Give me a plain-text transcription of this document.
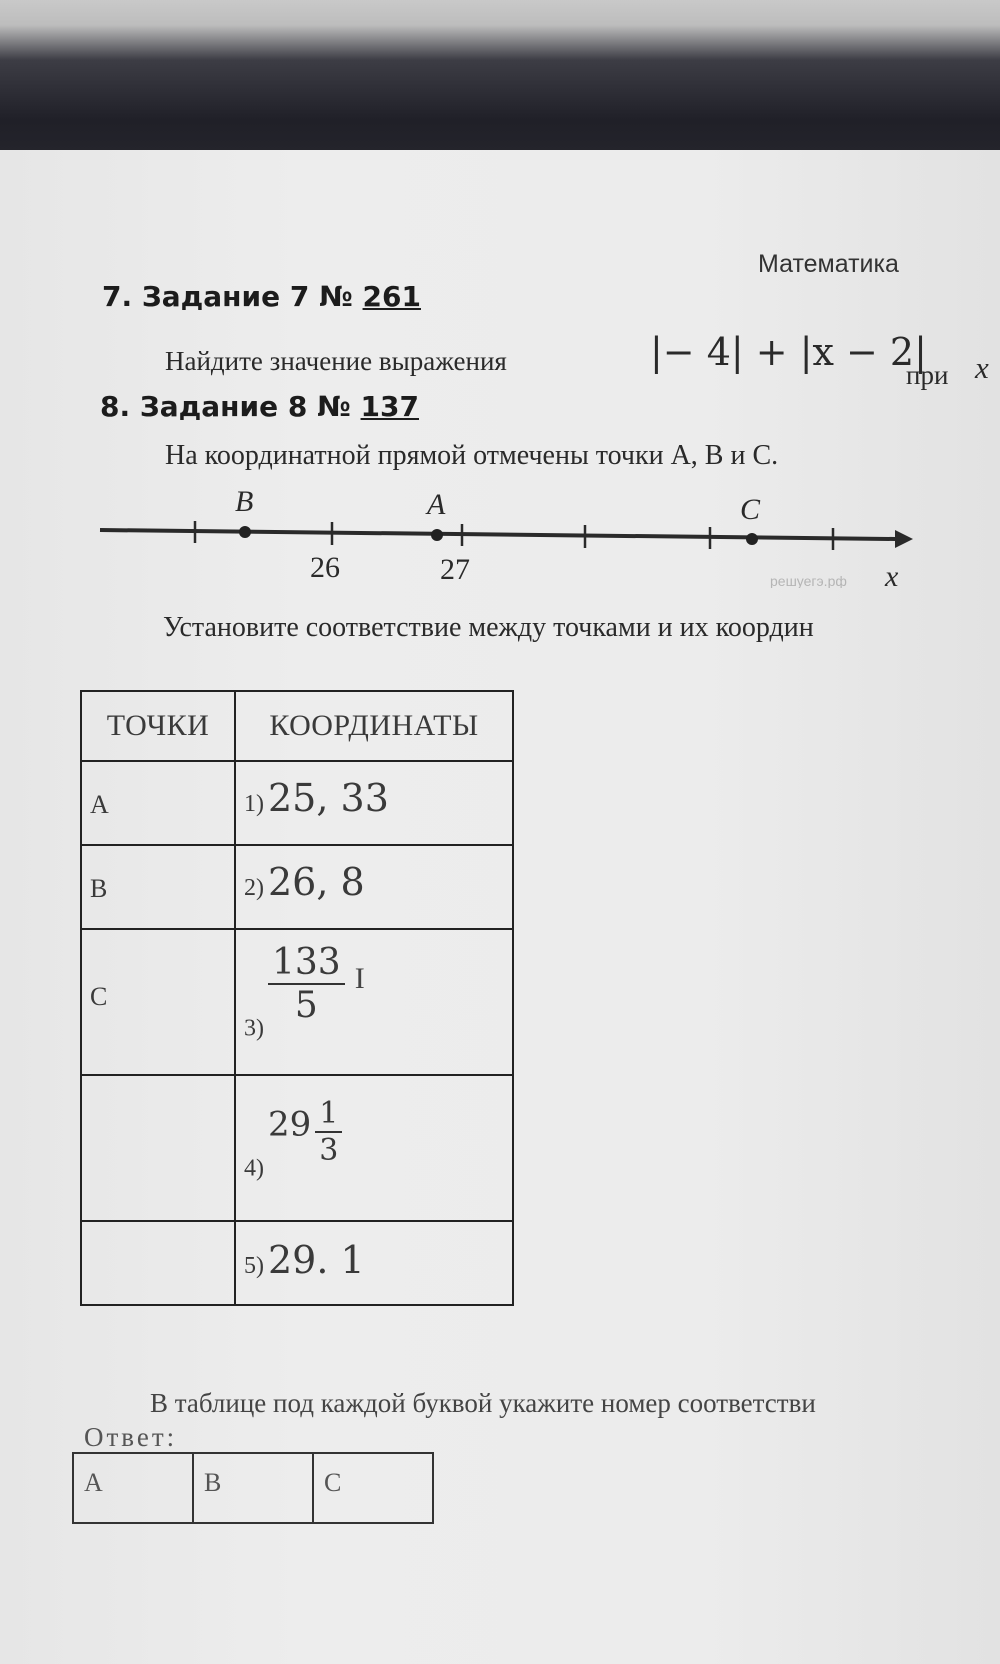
Математика
7. Задание 7 № 261
Найдите значение выражения	|− 4| + |x − 2|
при x
8. Задание 8 № 137
На координатной прямой отмечены точки A, B и C.
B	A	C
26	27	x
решуегэ.рф
Установите соответствие между точками и их координ
ТОЧКИ	КООРДИНАТЫ

A	1) 25, 33

B	2) 26, 8

C	3)
$\frac{133}{5}$ I

	4) $29 \frac{1}{3}$

	5) 29. 1
В таблице под каждой буквой укажите номер соответстви
Ответ:
A	B	C
